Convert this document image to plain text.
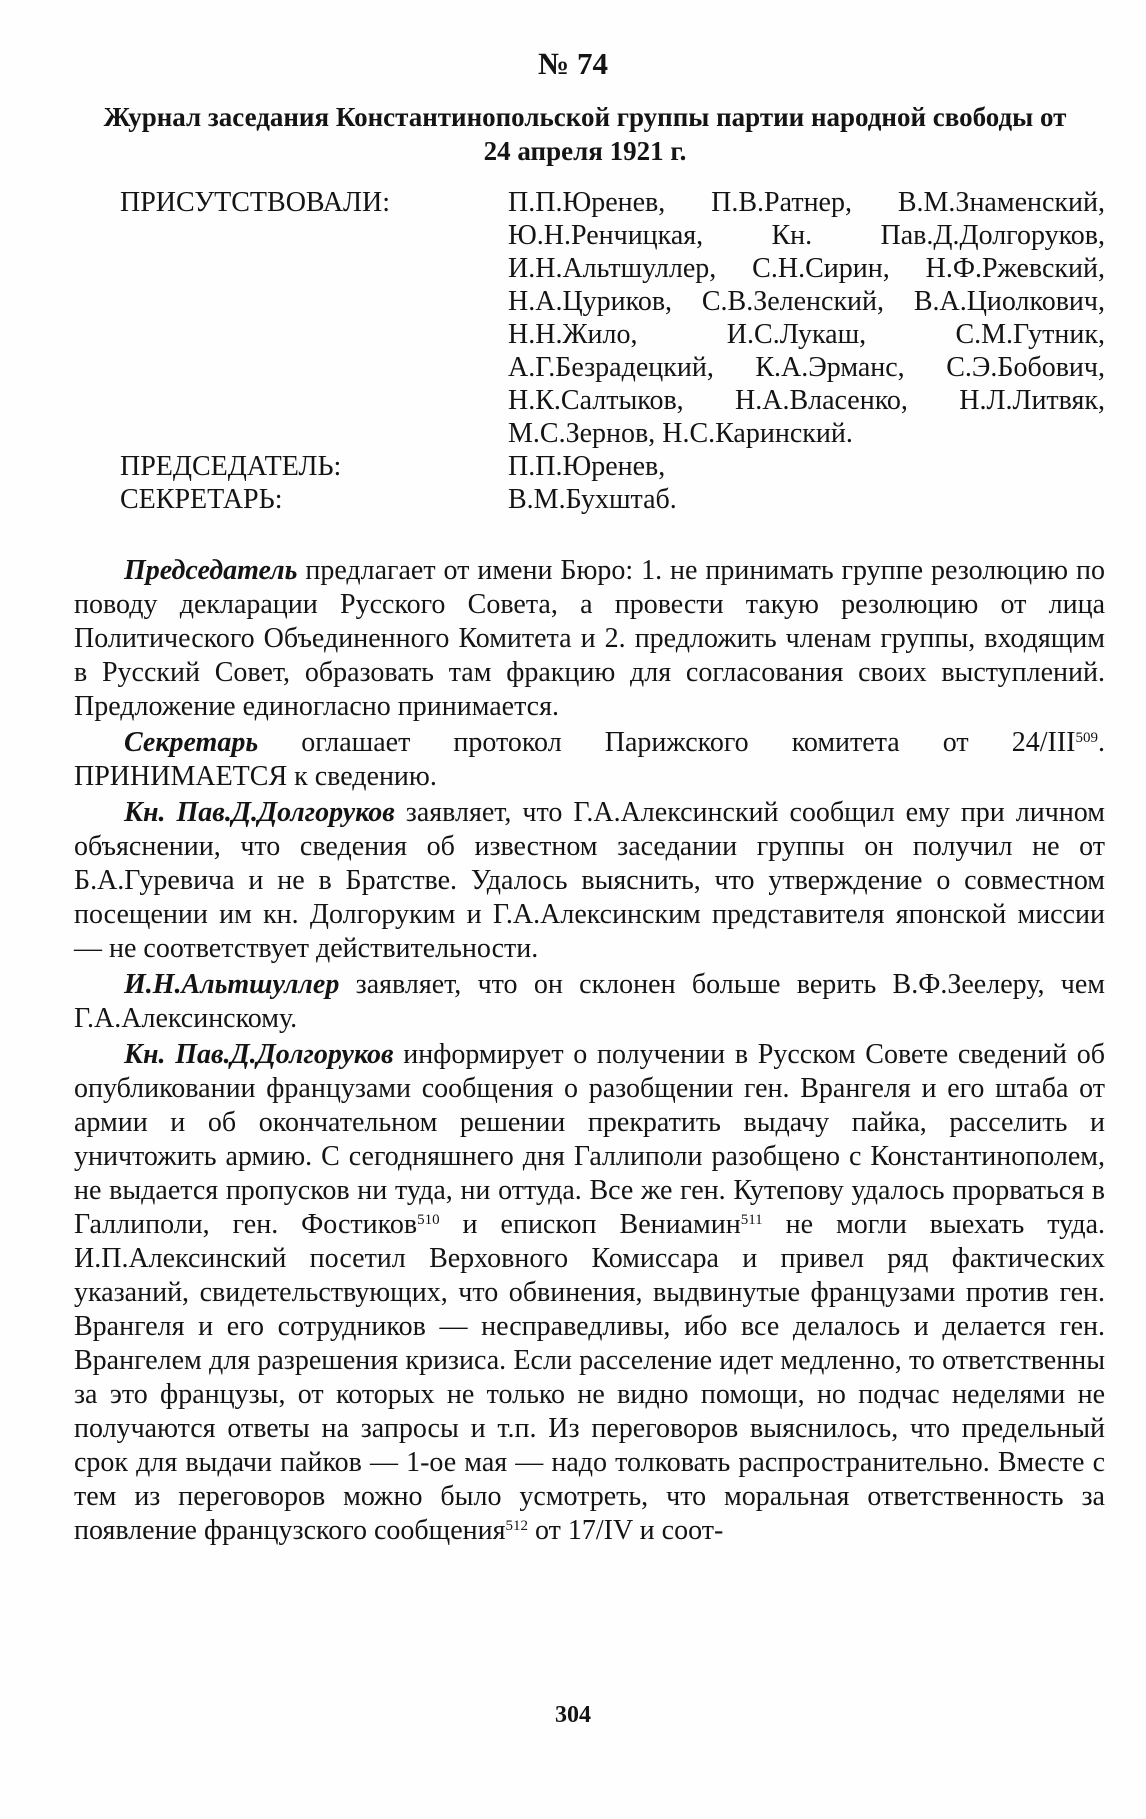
№ 74
Журнал заседания Константинопольской группы партии народной свободы от 24 апреля 1921 г.
ПРИСУТСТВОВАЛИ:	П.П.Юренев, П.В.Ратнер, В.М.Знаменский, Ю.Н.Ренчицкая, Кн. Пав.Д.Долгоруков, И.Н.Альтшуллер, С.Н.Сирин, Н.Ф.Ржевский, Н.А.Цуриков, С.В.Зеленский, В.А.Циолкович, Н.Н.Жило, И.С.Лукаш, С.М.Гутник, А.Г.Безрадецкий, К.А.Эрманс, С.Э.Бобович, Н.К.Салтыков, Н.А.Власенко, Н.Л.Литвяк, М.С.Зернов, Н.С.Каринский.
ПРЕДСЕДАТЕЛЬ:	П.П.Юренев,
СЕКРЕТАРЬ:	В.М.Бухштаб.

Председатель предлагает от имени Бюро: 1. не принимать группе резолюцию по поводу декларации Русского Совета, а провести такую резолюцию от лица Политического Объединенного Комитета и 2. предложить членам группы, входящим в Русский Совет, образовать там фракцию для согласования своих выступлений. Предложение единогласно принимается.

Секретарь оглашает протокол Парижского комитета от 24/III$^{509}$. ПРИНИМАЕТСЯ к сведению.

Кн. Пав.Д.Долгоруков заявляет, что Г.А.Алексинский сообщил ему при личном объяснении, что сведения об известном заседании группы он получил не от Б.А.Гуревича и не в Братстве. Удалось выяснить, что утверждение о совместном посещении им кн. Долгоруким и Г.А.Алексинским представителя японской миссии — не соответствует действительности.

И.Н.Альтшуллер заявляет, что он склонен больше верить В.Ф.Зеелеру, чем Г.А.Алексинскому.

Кн. Пав.Д.Долгоруков информирует о получении в Русском Совете сведений об опубликовании французами сообщения о разобщении ген. Врангеля и его штаба от армии и об окончательном решении прекратить выдачу пайка, расселить и уничтожить армию. С сегодняшнего дня Галлиполи разобщено с Константинополем, не выдается пропусков ни туда, ни оттуда. Все же ген. Кутепову удалось прорваться в Галлиполи, ген. Фостиков$^{510}$ и епископ Вениамин$^{511}$ не могли выехать туда. И.П.Алексинский посетил Верховного Комиссара и привел ряд фактических указаний, свидетельствующих, что обвинения, выдвинутые французами против ген. Врангеля и его сотрудников — несправедливы, ибо все делалось и делается ген. Врангелем для разрешения кризиса. Если расселение идет медленно, то ответственны за это французы, от которых не только не видно помощи, но подчас неделями не получаются ответы на запросы и т.п. Из переговоров выяснилось, что предельный срок для выдачи пайков — 1-ое мая — надо толковать распространительно. Вместе с тем из переговоров можно было усмотреть, что моральная ответственность за появление французского сообщения$^{512}$ от 17/IV и соот-

304
